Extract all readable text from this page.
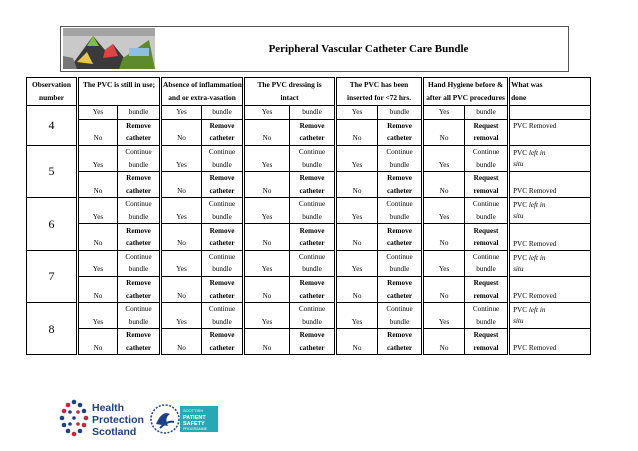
Peripheral Vascular Catheter Care Bundle
Observation	The PVC is still in use;		Absence of inflammation		The PVC dressing is		The PVC has been		Hand Hygiene before &		What was
number			and or extra-vasation		intact		inserted for <72 hrs.		after all PVC procedures		done
4	Yes	bundle	Yes	bundle	Yes	bundle	Yes	bundle	Yes	bundle	
		Remove		Remove		Remove		Remove		Request	PVC Removed
	No	catheter	No	catheter	No	catheter	No	catheter	No	removal	
5		Continue		Continue		Continue		Continue		Continue	PVC left in
situ
	Yes	bundle	Yes	bundle	Yes	bundle	Yes	bundle	Yes	bundle	
		Remove		Remove		Remove		Remove		Request	PVC Removed
	No	catheter	No	catheter	No	catheter	No	catheter	No	removal	
6		Continue		Continue		Continue		Continue		Continue	PVC left in
situ
	Yes	bundle	Yes	bundle	Yes	bundle	Yes	bundle	Yes	bundle	
		Remove		Remove		Remove		Remove		Request	PVC Removed
	No	catheter	No	catheter	No	catheter	No	catheter	No	removal	
7		Continue		Continue		Continue		Continue		Continue	PVC left in
situ
	Yes	bundle	Yes	bundle	Yes	bundle	Yes	bundle	Yes	bundle	
		Remove		Remove		Remove		Remove		Request	PVC Removed
	No	catheter	No	catheter	No	catheter	No	catheter	No	removal	
8		Continue		Continue		Continue		Continue		Continue	PVC left in
situ
	Yes	bundle	Yes	bundle	Yes	bundle	Yes	bundle	Yes	bundle	
		Remove		Remove		Remove		Remove		Request	PVC Removed
	No	catheter	No	catheter	No	catheter	No	catheter	No	removal	
Health
Protection
Scotland
SCOTTISH
PATIENT
SAFETY
PROGRAMME
